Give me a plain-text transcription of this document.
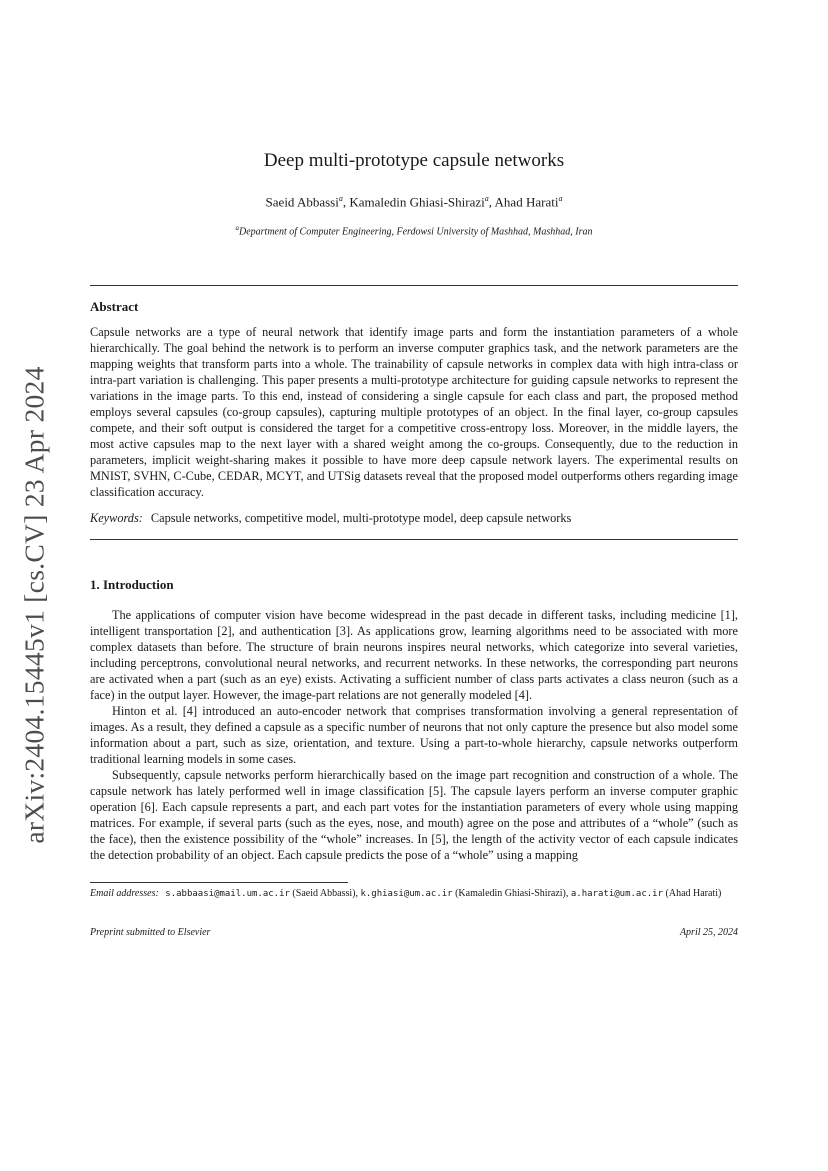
arXiv:2404.15445v1 [cs.CV] 23 Apr 2024
Deep multi-prototype capsule networks

Saeid Abbassi$^a$, Kamaledin Ghiasi-Shirazi$^a$, Ahad Harati$^a$

$^a$Department of Computer Engineering, Ferdowsi University of Mashhad, Mashhad, Iran

Abstract

Capsule networks are a type of neural network that identify image parts and form the instantiation parameters of a whole hierarchically. The goal behind the network is to perform an inverse computer graphics task, and the network parameters are the mapping weights that transform parts into a whole. The trainability of capsule networks in complex data with high intra-class or intra-part variation is challenging. This paper presents a multi-prototype architecture for guiding capsule networks to represent the variations in the image parts. To this end, instead of considering a single capsule for each class and part, the proposed method employs several capsules (co-group capsules), capturing multiple prototypes of an object. In the final layer, co-group capsules compete, and their soft output is considered the target for a competitive cross-entropy loss. Moreover, in the middle layers, the most active capsules map to the next layer with a shared weight among the co-groups. Consequently, due to the reduction in parameters, implicit weight-sharing makes it possible to have more deep capsule network layers. The experimental results on MNIST, SVHN, C-Cube, CEDAR, MCYT, and UTSig datasets reveal that the proposed model outperforms others regarding image classification accuracy.

Keywords: Capsule networks, competitive model, multi-prototype model, deep capsule networks

1. Introduction

The applications of computer vision have become widespread in the past decade in different tasks, including medicine [1], intelligent transportation [2], and authentication [3]. As applications grow, learning algorithms need to be associated with more complex datasets than before. The structure of brain neurons inspires neural networks, which categorize into several varieties, including perceptrons, convolutional neural networks, and recurrent networks. In these networks, the corresponding part neurons are activated when a part (such as an eye) exists. Activating a sufficient number of class parts activates a class neuron (such as a face) in the output layer. However, the image-part relations are not generally modeled [4].

Hinton et al. [4] introduced an auto-encoder network that comprises transformation involving a general representation of images. As a result, they defined a capsule as a specific number of neurons that not only capture the presence but also model some information about a part, such as size, orientation, and texture. Using a part-to-whole hierarchy, capsule networks outperform traditional learning models in some cases.

Subsequently, capsule networks perform hierarchically based on the image part recognition and construction of a whole. The capsule network has lately performed well in image classification [5]. The capsule layers perform an inverse computer graphic operation [6]. Each capsule represents a part, and each part votes for the instantiation parameters of every whole using mapping matrices. For example, if several parts (such as the eyes, nose, and mouth) agree on the pose and attributes of a “whole” (such as the face), then the existence possibility of the “whole” increases. In [5], the length of the activity vector of each capsule indicates the detection probability of an object. Each capsule predicts the pose of a “whole” using a mapping

Email addresses: s.abbaasi@mail.um.ac.ir (Saeid Abbassi), k.ghiasi@um.ac.ir (Kamaledin Ghiasi-Shirazi), a.harati@um.ac.ir (Ahad Harati)

Preprint submitted to Elsevier	April 25, 2024
